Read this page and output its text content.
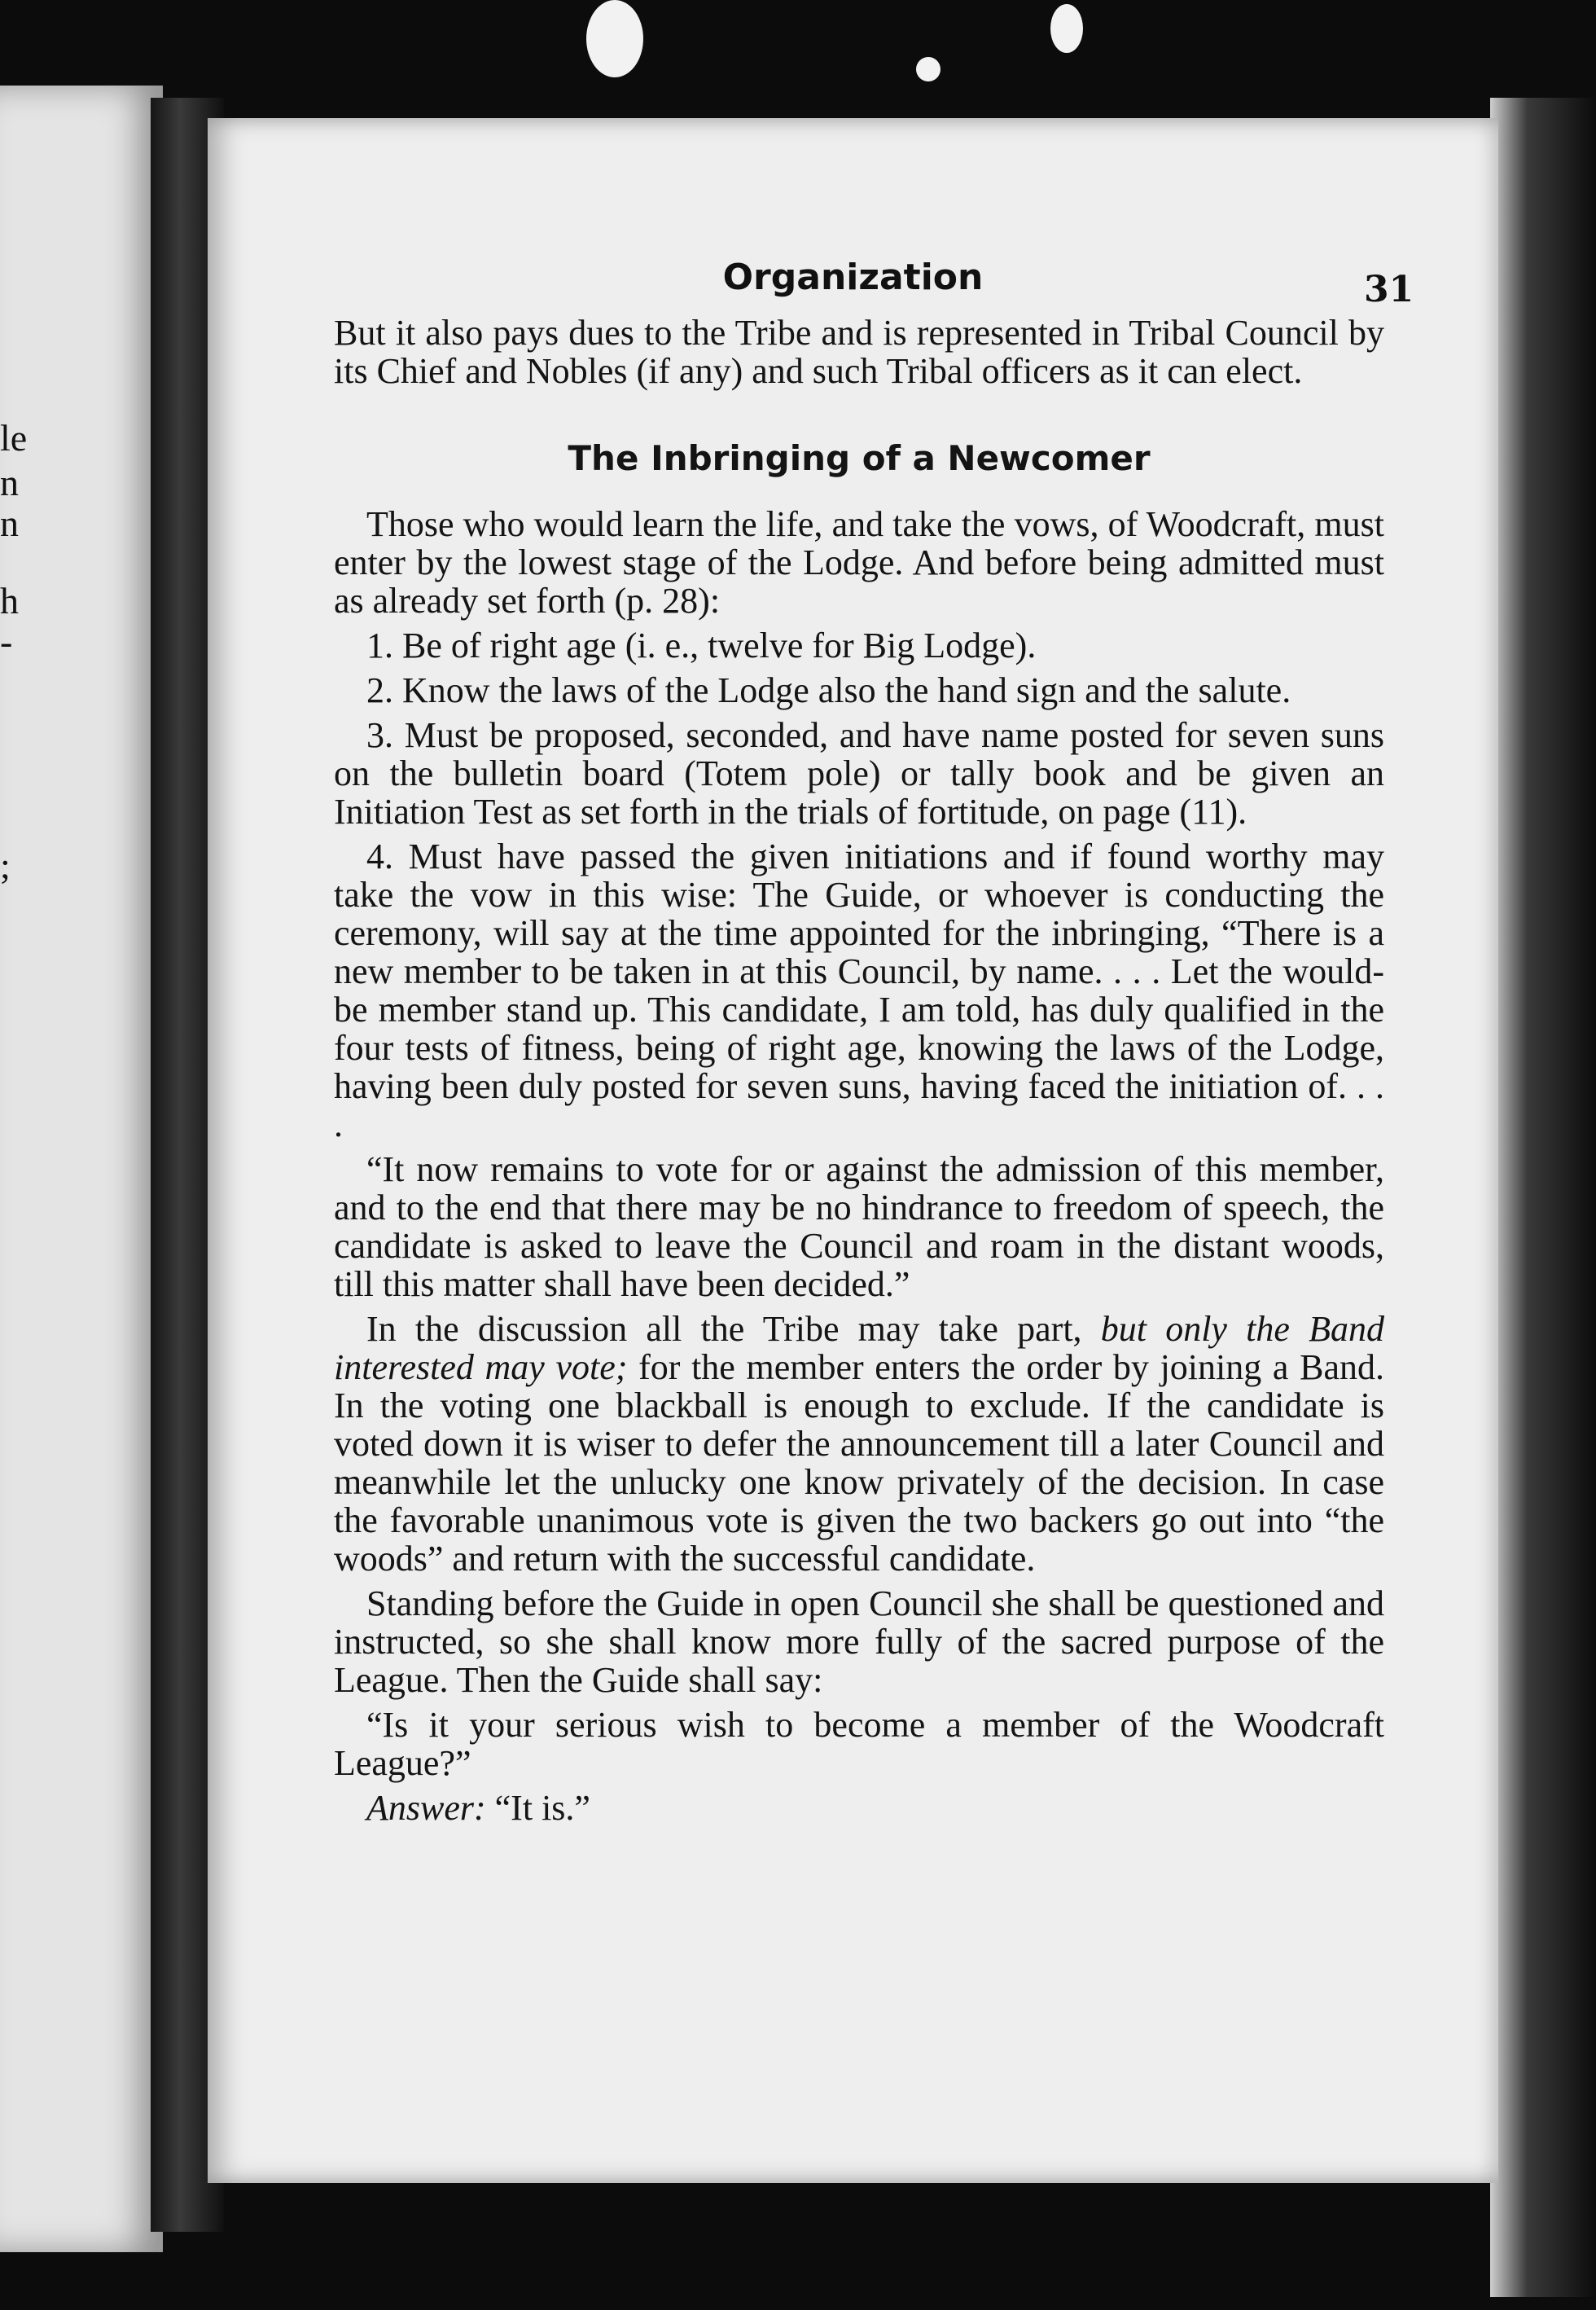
le
n
n
h
-
;
Organization	31

But it also pays dues to the Tribe and is represented in Tribal Council by its Chief and Nobles (if any) and such Tribal officers as it can elect.

The Inbringing of a Newcomer

Those who would learn the life, and take the vows, of Woodcraft, must enter by the lowest stage of the Lodge. And before being admitted must as already set forth (p. 28):

1. Be of right age (i. e., twelve for Big Lodge).

2. Know the laws of the Lodge also the hand sign and the salute.

3. Must be proposed, seconded, and have name posted for seven suns on the bulletin board (Totem pole) or tally book and be given an Initiation Test as set forth in the trials of fortitude, on page (11).

4. Must have passed the given initiations and if found worthy may take the vow in this wise: The Guide, or whoever is conducting the ceremony, will say at the time appointed for the inbringing, “There is a new member to be taken in at this Council, by name. . . . Let the would-be member stand up. This candidate, I am told, has duly qualified in the four tests of fitness, being of right age, knowing the laws of the Lodge, having been duly posted for seven suns, having faced the initiation of. . . .

“It now remains to vote for or against the admission of this member, and to the end that there may be no hindrance to freedom of speech, the candidate is asked to leave the Council and roam in the distant woods, till this matter shall have been decided.”

In the discussion all the Tribe may take part, but only the Band interested may vote; for the member enters the order by joining a Band. In the voting one blackball is enough to exclude. If the candidate is voted down it is wiser to defer the announcement till a later Council and meanwhile let the unlucky one know privately of the decision. In case the favorable unanimous vote is given the two backers go out into “the woods” and return with the successful candidate.

Standing before the Guide in open Council she shall be questioned and instructed, so she shall know more fully of the sacred purpose of the League. Then the Guide shall say:

“Is it your serious wish to become a member of the Woodcraft League?”

Answer: “It is.”
